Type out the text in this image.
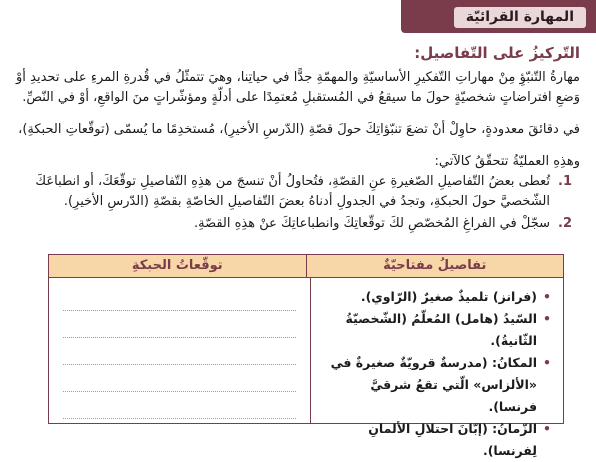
المهارة القرائيّة
التّركيزُ على التّفاصيل:
مهارةُ التّنبّؤِ مِنْ مهاراتِ التّفكيرِ الأساسيّةِ والمهمّةِ جدًّا في حياتِنا، وهيَ تتمثّلُ في قُدرةِ المرءِ على تحديدِ أوْ وَضعِ افتراضاتٍ شخصيّةٍ حولَ ما سيقعُ في المُستقبلِ مُعتمِدًا على أدلّةٍ ومؤشّراتٍ منَ الواقعِ، أوْ في النّصِّ.
في دقائقَ معدودةٍ، حاوِلْ أنْ تضعَ تنبّؤاتِكَ حولَ قصّةِ (الدّرسِ الأخيرِ)، مُستخدِمًا ما يُسمّى (توقّعاتِ الحبكةِ)،
وهذِهِ العمليّةُ تتحقّقُ كالآتي:
1.
تُعطى بعضُ التّفاصيلِ الصّغيرةِ عنِ القصّةِ، فتُحاولُ أنْ تنسجَ من هذِهِ التّفاصيلِ توقّعَكَ، أو انطباعَكَ الشّخصيَّ حولَ الحبكةِ، وتجدُ في الجدولِ أدناهُ بعضَ التّفاصيلِ الخاصّةِ بقصّةِ (الدّرسِ الأخيرِ).
2.
سجّلْ في الفراغِ المُخصّصِ لكَ توقّعاتِكَ وانطباعاتِكَ عنْ هذِهِ القصّةِ.
تفاصيلُ مفتاحيّةٌ
توقّعاتُ الحبكةِ
• (فرانز) تلميذٌ صغيرٌ (الرّاوي).
• السّيدُ (هامل) المُعلّمُ (الشّخصيّةُ الثّانيةُ).
• المكانُ: (مدرسةٌ قرويّةٌ صغيرةٌ في «الألزاس» الّتي تقعُ شرقيَّ فرنسا).
• الزّمانُ: (إبّانَ احتلالِ الألمانِ لِفرنسا).
